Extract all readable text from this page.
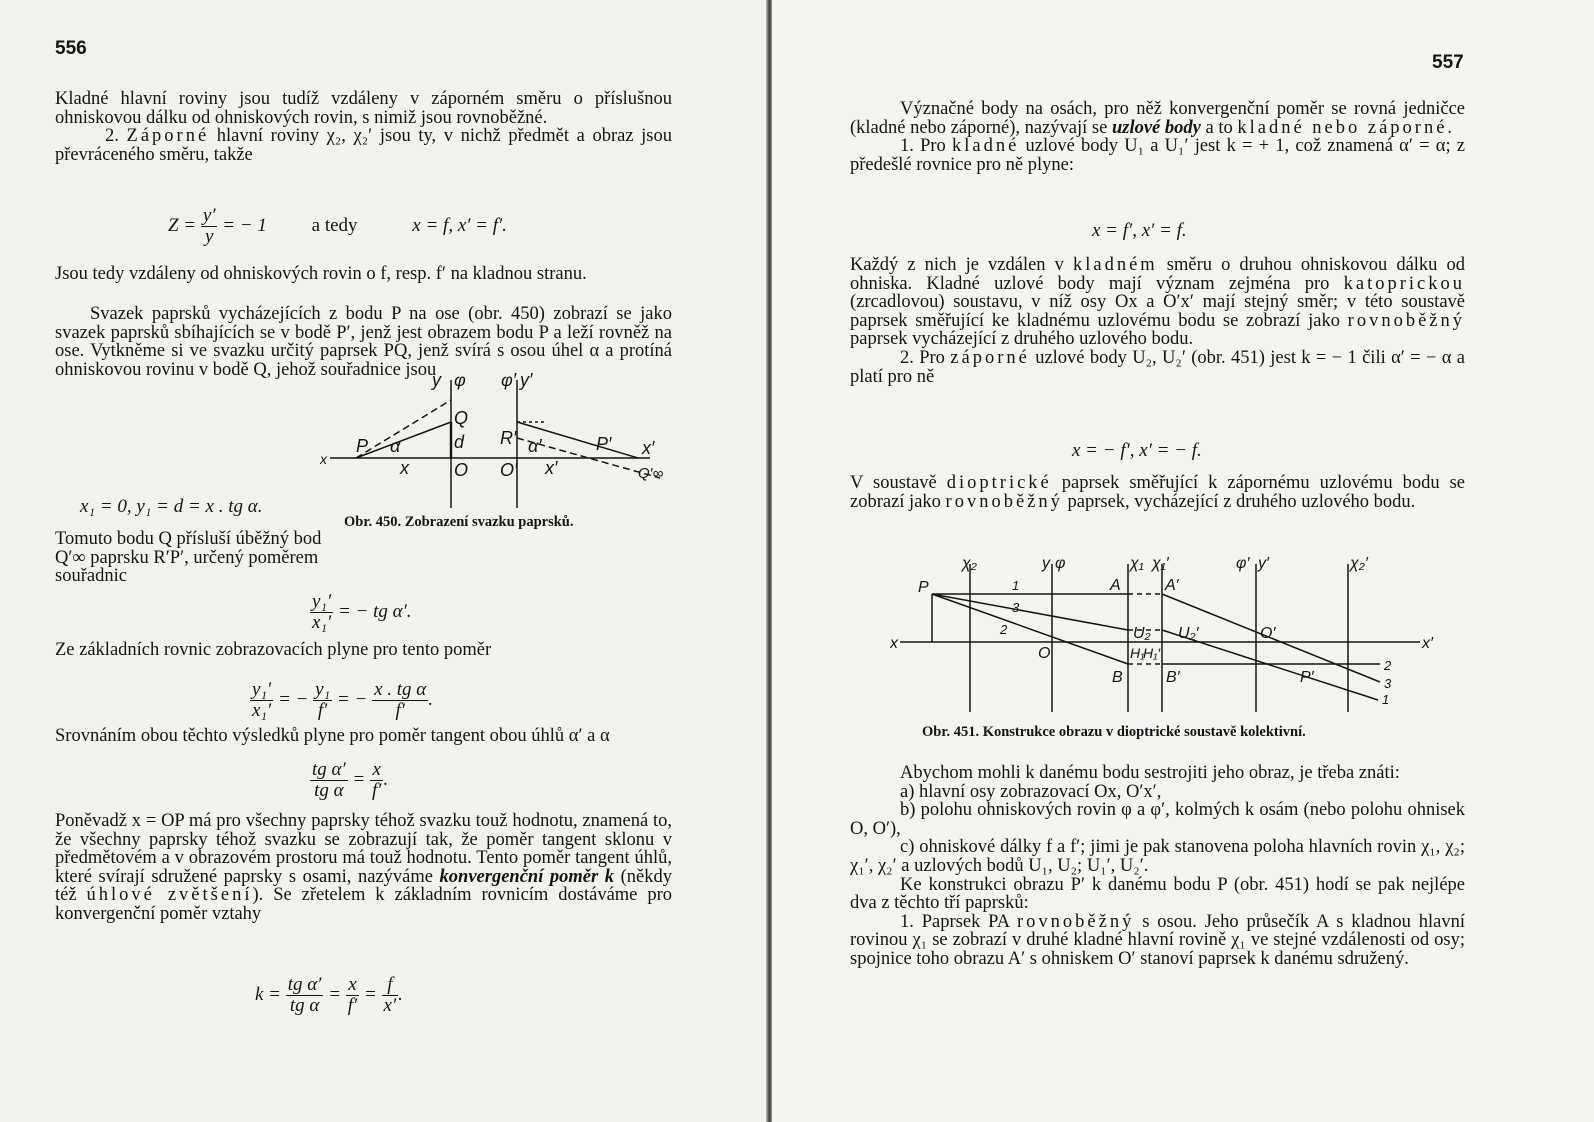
556

Kladné hlavní roviny jsou tudíž vzdáleny v záporném směru o příslušnou ohniskovou dálku od ohniskových rovin, s nimiž jsou rovnoběžné.

2. Záporné hlavní roviny χ₂, χ₂′ jsou ty, v nichž předmět a obraz jsou převráceného směru, takže

$Z = \frac{y'}{y}$ = − 1 a tedy	x = f, x′ = f′.
Jsou tedy vzdáleny od ohniskových rovin o f, resp. f′ na kladnou stranu.

Svazek paprsků vycházejících z bodu P na ose (obr. 450) zobrazí se jako svazek paprsků sbíhajících se v bodě P′, jenž jest obrazem bodu P a leží rovněž na ose. Vytkněme si ve svazku určitý paprsek PQ, jenž svírá s osou úhel α a protíná ohniskovou rovinu v bodě Q, jehož souřadnice jsou

y φ φ′ y′
Q
d R′
P	P′
α	α′
x	x′
x
x′
O O′	Q′∞
x₁ = 0, y₁ = d = x . tg α.
Obr. 450. Zobrazení svazku paprsků.
Tomuto bodu Q přísluší úběžný bod Q′∞ paprsku R′P′, určený poměrem souřadnic
$\frac{\text{y₁′}}{\text{x₁′}}$ = − tg α′.
Ze základních rovnic zobrazovacích plyne pro tento poměr
$\frac{\text{y₁′}}{\text{x₁′}}$ = − $\frac{\text{y₁}}{f'}$ = − $\frac{\text{x . tg α}}{f'}$ .
Srovnáním obou těchto výsledků plyne pro poměr tangent obou úhlů α′ a α
$\frac{\text{tg α′}}{\text{tg α}} = \frac{x}{f'}$ .
Poněvadž x = OP má pro všechny paprsky téhož svazku touž hodnotu, znamená to, že všechny paprsky téhož svazku se zobrazují tak, že poměr tangent sklonu v předmětovém a v obrazovém prostoru má touž hodnotu. Tento poměr tangent úhlů, které svírají sdružené paprsky s osami, nazýváme konvergenční poměr k (někdy též úhlové zvětšení). Se zřetelem k základním rovnicím dostáváme pro konvergenční poměr vztahy
$k = \frac{\text{tg α′}}{\text{tg α}} = \frac{x}{f'} = \frac{f}{x'}$ .
557

Význačné body na osách, pro něž konvergenční poměr se rovná jedničce (kladné nebo záporné), nazývají se uzlové body a to kladné nebo záporné.

1. Pro kladné uzlové body U₁ a U₁′ jest k = + 1, což znamená α′ = α; z předešlé rovnice pro ně plyne:

x = f′, x′ = f.

Každý z nich je vzdálen v kladném směru o druhou ohniskovou dálku od ohniska. Kladné uzlové body mají význam zejména pro katoprickou (zrcadlovou) soustavu, v níž osy Ox a O′x′ mají stejný směr; v této soustavě paprsek směřující ke kladnému uzlovému bodu se zobrazí jako rovnoběžný paprsek vycházející z druhého uzlového bodu.

2. Pro záporné uzlové body U₂, U₂′ (obr. 451) jest k = − 1 čili α′ = − α a platí pro ně

x = − f′, x′ = − f.
V soustavě dioptrické paprsek směřující k zápornému uzlovému bodu se zobrazí jako rovnoběžný paprsek, vycházející z druhého uzlového bodu.
χ₂	y φ	χ₁ χ₁′	φ′ y′	χ₂′
P	A	A′
1
3
2	U₂ U₂′
O
O′
H₁
H₁′
B	B′	P′
x	x′
2
3
1
Obr. 451. Konstrukce obrazu v dioptrické soustavě kolektivní.

Abychom mohli k danému bodu sestrojiti jeho obraz, je třeba znáti:

a) hlavní osy zobrazovací Ox, O′x′,

b) polohu ohniskových rovin φ a φ′, kolmých k osám (nebo polohu ohnisek O, O′),

c) ohniskové dálky f a f′; jimi je pak stanovena poloha hlavních rovin χ₁, χ₂; χ₁′, χ₂′ a uzlových bodů U₁, U₂; U₁′, U₂′.

Ke konstrukci obrazu P′ k danému bodu P (obr. 451) hodí se pak nejlépe dva z těchto tří paprsků:

1. Paprsek PA rovnoběžný s osou. Jeho průsečík A s kladnou hlavní rovinou χ₁ se zobrazí v druhé kladné hlavní rovině χ₁ ve stejné vzdálenosti od osy; spojnice toho obrazu A′ s ohniskem O′ stanoví paprsek k danému sdružený.
